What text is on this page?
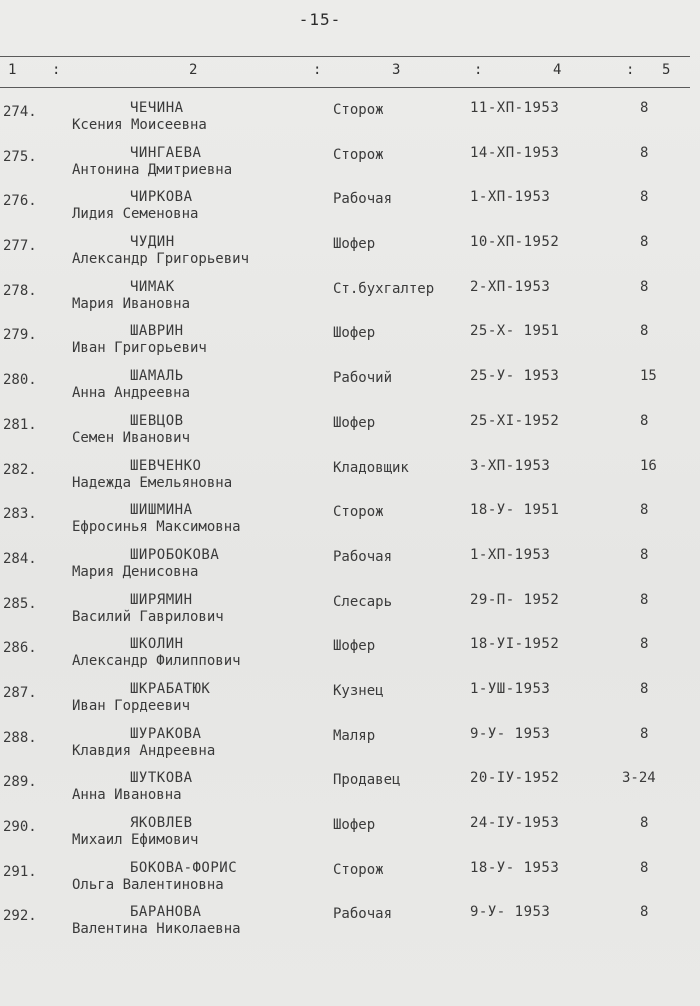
-15-
1	:	2	:	3	:	4	: 5
274.	ЧЕЧИНА
Ксения Моисеевна
Сторож	11-ХП-1953	8
275.	ЧИНГАЕВА
Антонина Дмитриевна
Сторож	14-ХП-1953	8
276.	ЧИРКОВА
Лидия Семеновна
Рабочая	1-ХП-1953	8
277.	ЧУДИН
Александр Григорьевич
Шофер	10-ХП-1952	8
278.	ЧИМАК
Мария Ивановна
Ст.бухгалтер	2-ХП-1953	8
279.	ШАВРИН
Иван Григорьевич
Шофер	25-Х- 1951	8
280.	ШАМАЛЬ
Анна Андреевна
Рабочий	25-У- 1953	15
281.	ШЕВЦОВ
Семен Иванович
Шофер	25-ХI-1952	8
282.	ШЕВЧЕНКО
Надежда Емельяновна
Кладовщик	3-ХП-1953	16
283.	ШИШМИНА
Ефросинья Максимовна
Сторож	18-У- 1951	8
284.	ШИРОБОКОВА
Мария Денисовна
Рабочая	1-ХП-1953	8
285.	ШИРЯМИН
Василий Гаврилович
Слесарь	29-П- 1952	8
286.	ШКОЛИН
Александр Филиппович
Шофер	18-УI-1952	8
287.	ШКРАБАТЮК
Иван Гордеевич
Кузнец	1-УШ-1953	8
288.	ШУРАКОВА
Клавдия Андреевна
Маляр	9-У- 1953	8
289.	ШУТКОВА
Анна Ивановна
Продавец	20-IУ-1952	3-24
290.	ЯКОВЛЕВ
Михаил Ефимович
Шофер	24-IУ-1953	8
291.	БОКОВА-ФОРИС
Ольга Валентиновна
Сторож	18-У- 1953	8
292.	БАРАНОВА
Валентина Николаевна
Рабочая	9-У- 1953	8
